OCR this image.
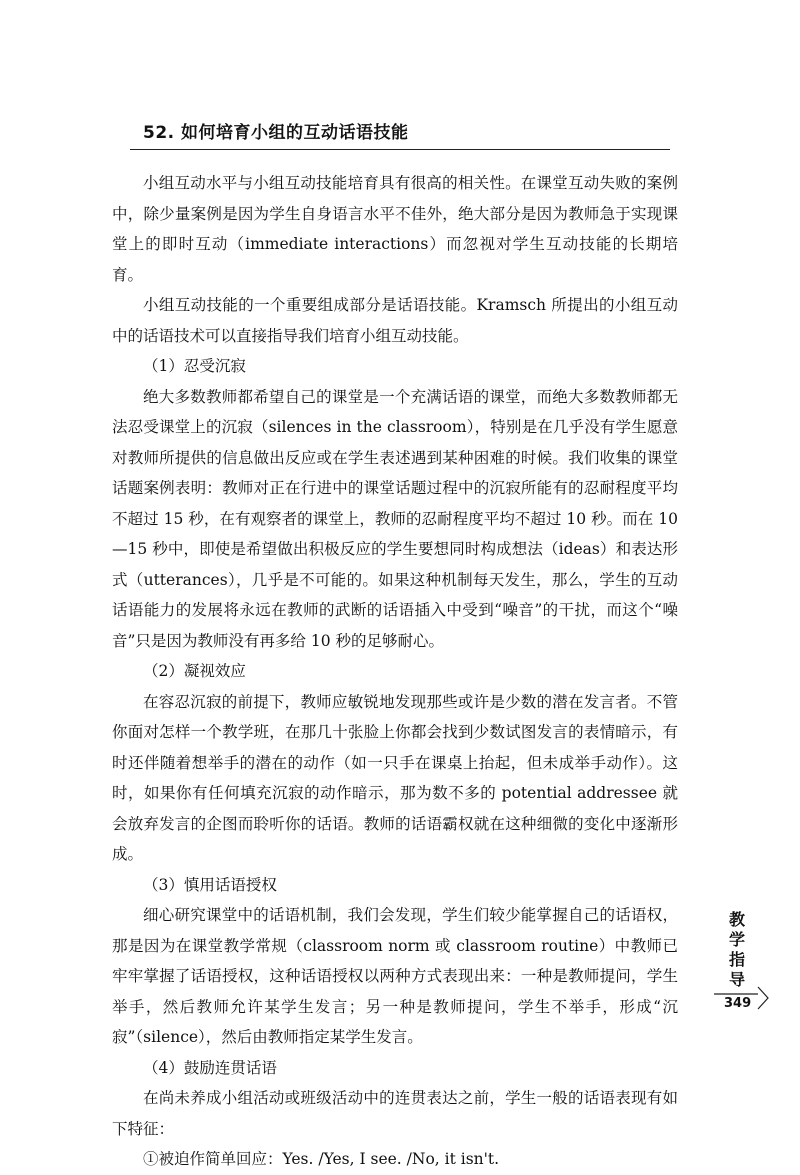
52. 如何培育小组的互动话语技能

小组互动水平与小组互动技能培育具有很高的相关性。在课堂互动失败的案例中，除少量案例是因为学生自身语言水平不佳外，绝大部分是因为教师急于实现课堂上的即时互动（immediate interactions）而忽视对学生互动技能的长期培育。

小组互动技能的一个重要组成部分是话语技能。Kramsch 所提出的小组互动中的话语技术可以直接指导我们培育小组互动技能。

（1）忍受沉寂

绝大多数教师都希望自己的课堂是一个充满话语的课堂，而绝大多数教师都无法忍受课堂上的沉寂（silences in the classroom），特别是在几乎没有学生愿意对教师所提供的信息做出反应或在学生表述遇到某种困难的时候。我们收集的课堂话题案例表明：教师对正在行进中的课堂话题过程中的沉寂所能有的忍耐程度平均不超过 15 秒，在有观察者的课堂上，教师的忍耐程度平均不超过 10 秒。而在 10—15 秒中，即使是希望做出积极反应的学生要想同时构成想法（ideas）和表达形式（utterances），几乎是不可能的。如果这种机制每天发生，那么，学生的互动话语能力的发展将永远在教师的武断的话语插入中受到“噪音”的干扰，而这个“噪音”只是因为教师没有再多给 10 秒的足够耐心。

（2）凝视效应

在容忍沉寂的前提下，教师应敏锐地发现那些或许是少数的潜在发言者。不管你面对怎样一个教学班，在那几十张脸上你都会找到少数试图发言的表情暗示，有时还伴随着想举手的潜在的动作（如一只手在课桌上抬起，但未成举手动作）。这时，如果你有任何填充沉寂的动作暗示，那为数不多的 potential addressee 就会放弃发言的企图而聆听你的话语。教师的话语霸权就在这种细微的变化中逐渐形成。

（3）慎用话语授权

细心研究课堂中的话语机制，我们会发现，学生们较少能掌握自己的话语权，那是因为在课堂教学常规（classroom norm 或 classroom routine）中教师已牢牢掌握了话语授权，这种话语授权以两种方式表现出来：一种是教师提问，学生举手，然后教师允许某学生发言；另一种是教师提问，学生不举手，形成“沉寂”（silence），然后由教师指定某学生发言。

（4）鼓励连贯话语

在尚未养成小组活动或班级活动中的连贯表达之前，学生一般的话语表现有如下特征：

①被迫作简单回应：Yes. /Yes, I see. /No, it isn't.

教
学
指
导
349
